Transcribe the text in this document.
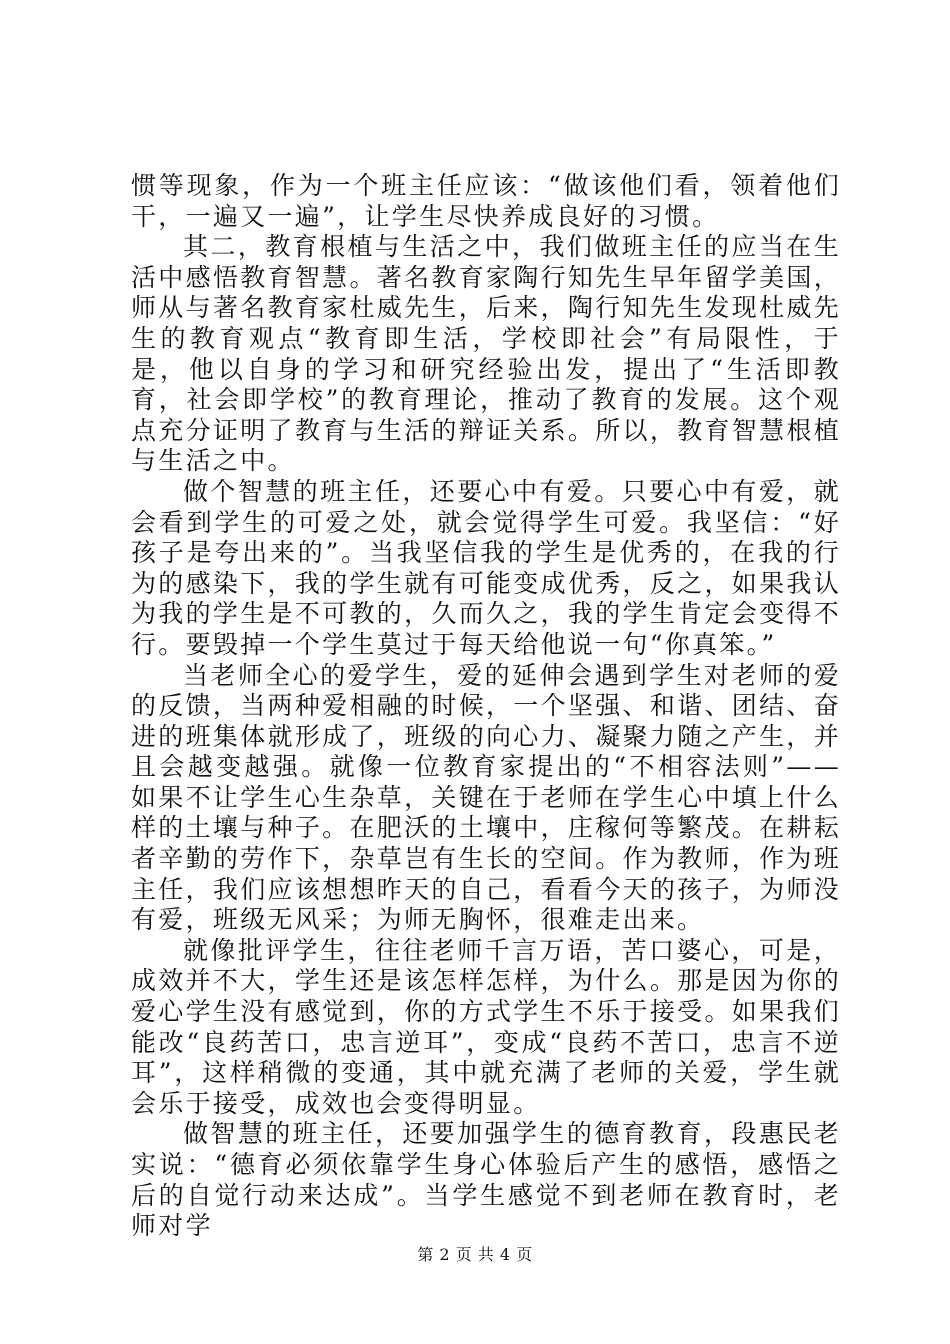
惯等现象，作为一个班主任应该：“做该他们看，领着他们干，一遍又一遍”，让学生尽快养成良好的习惯。

其二，教育根植与生活之中，我们做班主任的应当在生活中感悟教育智慧。著名教育家陶行知先生早年留学美国，师从与著名教育家杜威先生，后来，陶行知先生发现杜威先生的教育观点“教育即生活，学校即社会”有局限性，于是，他以自身的学习和研究经验出发，提出了“生活即教育，社会即学校”的教育理论，推动了教育的发展。这个观点充分证明了教育与生活的辩证关系。所以，教育智慧根植与生活之中。

做个智慧的班主任，还要心中有爱。只要心中有爱，就会看到学生的可爱之处，就会觉得学生可爱。我坚信：“好孩子是夸出来的”。当我坚信我的学生是优秀的，在我的行为的感染下，我的学生就有可能变成优秀，反之，如果我认为我的学生是不可教的，久而久之，我的学生肯定会变得不行。要毁掉一个学生莫过于每天给他说一句“你真笨。”

当老师全心的爱学生，爱的延伸会遇到学生对老师的爱的反馈，当两种爱相融的时候，一个坚强、和谐、团结、奋进的班集体就形成了，班级的向心力、凝聚力随之产生，并且会越变越强。就像一位教育家提出的“不相容法则”——如果不让学生心生杂草，关键在于老师在学生心中填上什么样的土壤与种子。在肥沃的土壤中，庄稼何等繁茂。在耕耘者辛勤的劳作下，杂草岂有生长的空间。作为教师，作为班主任，我们应该想想昨天的自己，看看今天的孩子，为师没有爱，班级无风采；为师无胸怀，很难走出来。

就像批评学生，往往老师千言万语，苦口婆心，可是，成效并不大，学生还是该怎样怎样，为什么。那是因为你的爱心学生没有感觉到，你的方式学生不乐于接受。如果我们能改“良药苦口，忠言逆耳”，变成“良药不苦口，忠言不逆耳”，这样稍微的变通，其中就充满了老师的关爱，学生就会乐于接受，成效也会变得明显。

做智慧的班主任，还要加强学生的德育教育，段惠民老实说：“德育必须依靠学生身心体验后产生的感悟，感悟之后的自觉行动来达成”。当学生感觉不到老师在教育时，老师对学

第 2 页 共 4 页
